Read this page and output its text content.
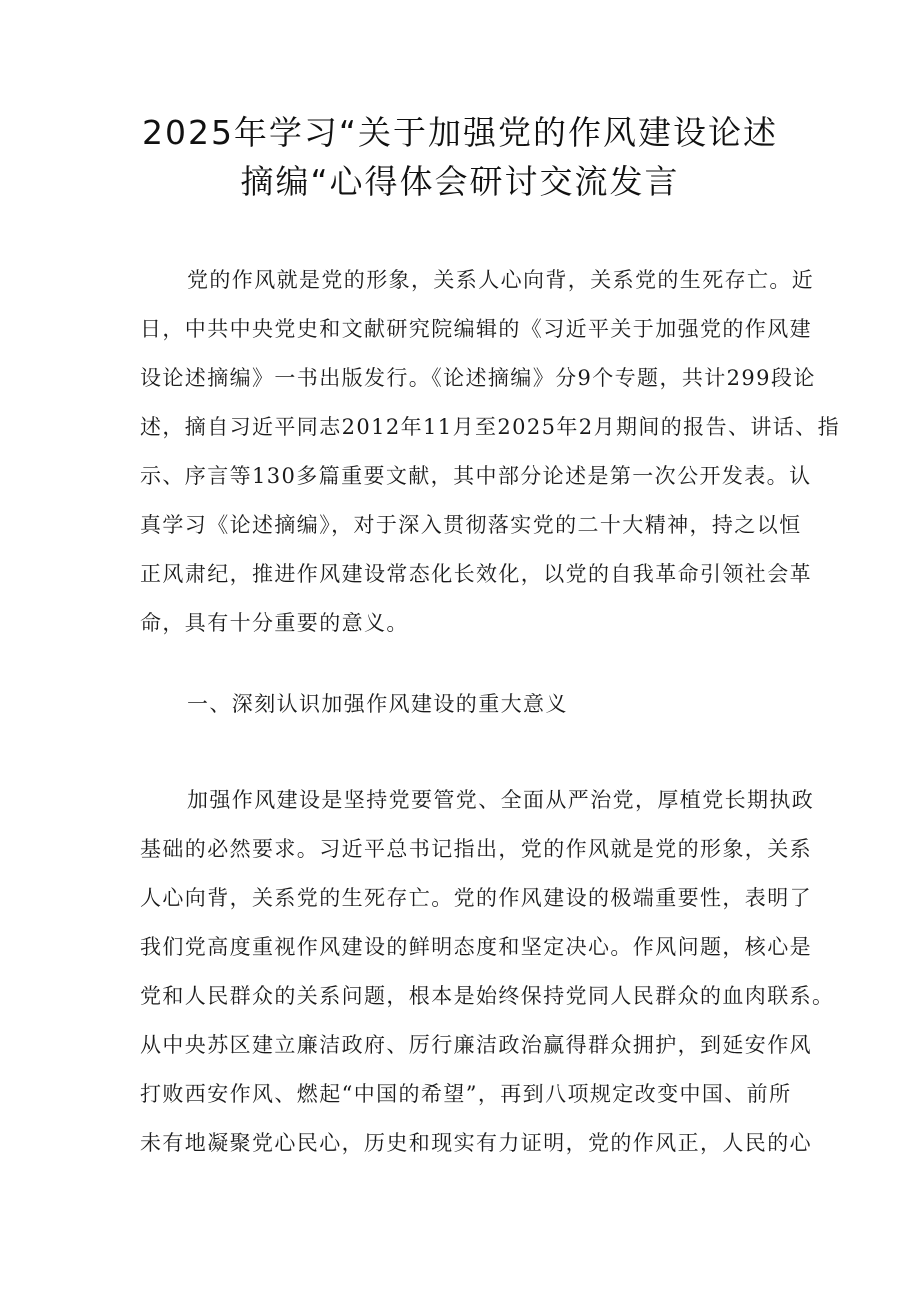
2025年学习“关于加强党的作风建设论述
摘编“心得体会研讨交流发言
党的作风就是党的形象，关系人心向背，关系党的生死存亡。近
日，中共中央党史和文献研究院编辑的《习近平关于加强党的作风建
设论述摘编》一书出版发行。《论述摘编》分9个专题，共计299段论
述，摘自习近平同志2012年11月至2025年2月期间的报告、讲话、指
示、序言等130多篇重要文献，其中部分论述是第一次公开发表。认
真学习《论述摘编》，对于深入贯彻落实党的二十大精神，持之以恒
正风肃纪，推进作风建设常态化长效化，以党的自我革命引领社会革
命，具有十分重要的意义。
一、深刻认识加强作风建设的重大意义
加强作风建设是坚持党要管党、全面从严治党，厚植党长期执政
基础的必然要求。习近平总书记指出，党的作风就是党的形象，关系
人心向背，关系党的生死存亡。党的作风建设的极端重要性，表明了
我们党高度重视作风建设的鲜明态度和坚定决心。作风问题，核心是
党和人民群众的关系问题，根本是始终保持党同人民群众的血肉联系。
从中央苏区建立廉洁政府、厉行廉洁政治赢得群众拥护，到延安作风
打败西安作风、燃起“中国的希望”，再到八项规定改变中国、前所
未有地凝聚党心民心，历史和现实有力证明，党的作风正，人民的心
